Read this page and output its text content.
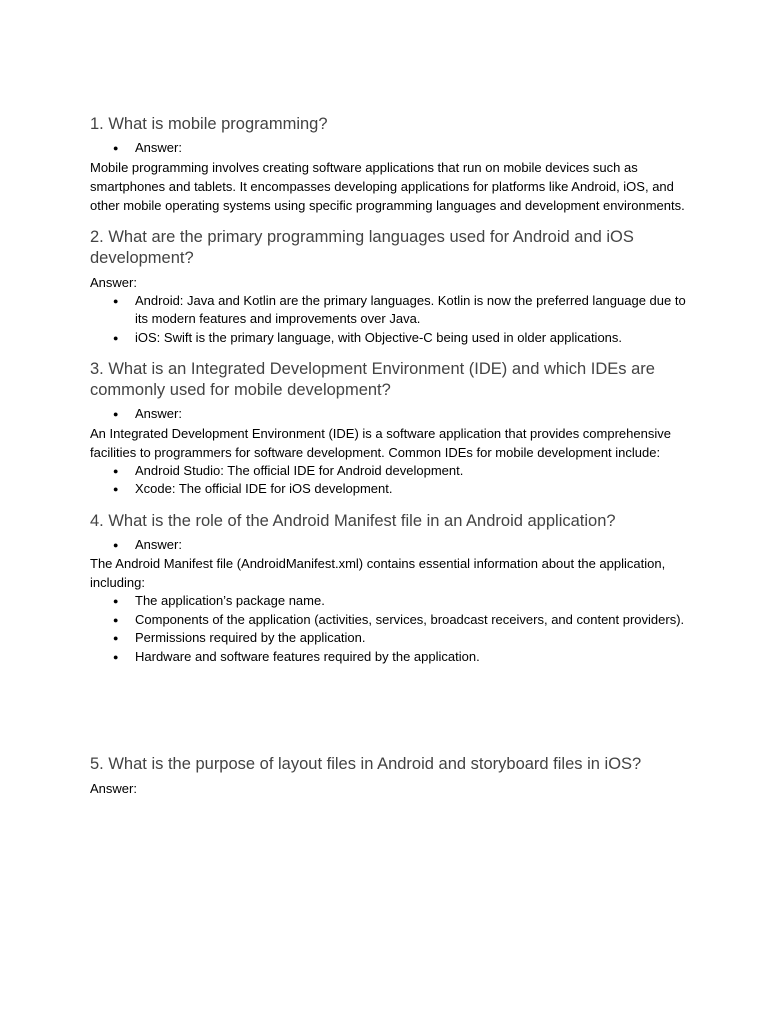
1. What is mobile programming?
● Answer:

Mobile programming involves creating software applications that run on mobile devices such as smartphones and tablets. It encompasses developing applications for platforms like Android, iOS, and other mobile operating systems using specific programming languages and development environments.

2. What are the primary programming languages used for Android and iOS development?

Answer:

● Android: Java and Kotlin are the primary languages. Kotlin is now the preferred language due to its modern features and improvements over Java.
● iOS: Swift is the primary language, with Objective-C being used in older applications.
3. What is an Integrated Development Environment (IDE) and which IDEs are commonly used for mobile development?
● Answer:

An Integrated Development Environment (IDE) is a software application that provides comprehensive facilities to programmers for software development. Common IDEs for mobile development include:

● Android Studio: The official IDE for Android development.
● Xcode: The official IDE for iOS development.
4. What is the role of the Android Manifest file in an Android application?
● Answer:

The Android Manifest file (AndroidManifest.xml) contains essential information about the application, including:

● The application’s package name.
● Components of the application (activities, services, broadcast receivers, and content providers).
● Permissions required by the application.
● Hardware and software features required by the application.
5. What is the purpose of layout files in Android and storyboard files in iOS?

Answer:
